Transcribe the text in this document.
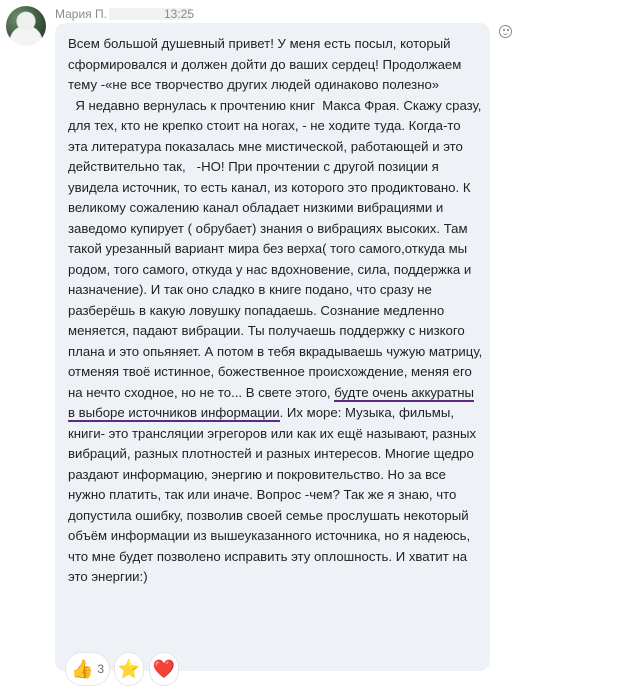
Мария П.	13:25

Всем большой душевный привет! У меня есть посыл, который сформировался и должен дойти до ваших сердец! Продолжаем тему -«не все творчество других людей одинаково полезно»

Я недавно вернулась к прочтению книг  Макса Фрая. Скажу сразу, для тех, кто не крепко стоит на ногах, - не ходите туда. Когда-то эта литература показалась мне мистической, работающей и это действительно так,   -НО! При прочтении с другой позиции я увидела источник, то есть канал, из которого это продиктовано. К великому сожалению канал обладает низкими вибрациями и заведомо купирует ( обрубает) знания о вибрациях высоких. Там такой урезанный вариант мира без верха( того самого,откуда мы родом, того самого, откуда у нас вдохновение, сила, поддержка и назначение). И так оно сладко в книге подано, что сразу не разберёшь в какую ловушку попадаешь. Сознание медленно меняется, падают вибрации. Ты получаешь поддержку с низкого плана и это опьяняет. А потом в тебя вкрадываешь чужую матрицу, отменяя твоё истинное, божественное происхождение, меняя его на нечто сходное, но не то... В свете этого, будте очень аккуратны в выборе источников информации. Их море: Музыка, фильмы, книги- это трансляции эгрегоров или как их ещё называют, разных вибраций, разных плотностей и разных интересов. Многие щедро раздают информацию, энергию и покровительство. Но за все нужно платить, так или иначе. Вопрос -чем? Так же я знаю, что допустила ошибку, позволив своей семье прослушать некоторый объём информации из вышеуказанного источника, но я надеюсь, что мне будет позволено исправить эту оплошность. И хватит на это энергии:)

👍 3 ⭐ ❤️
